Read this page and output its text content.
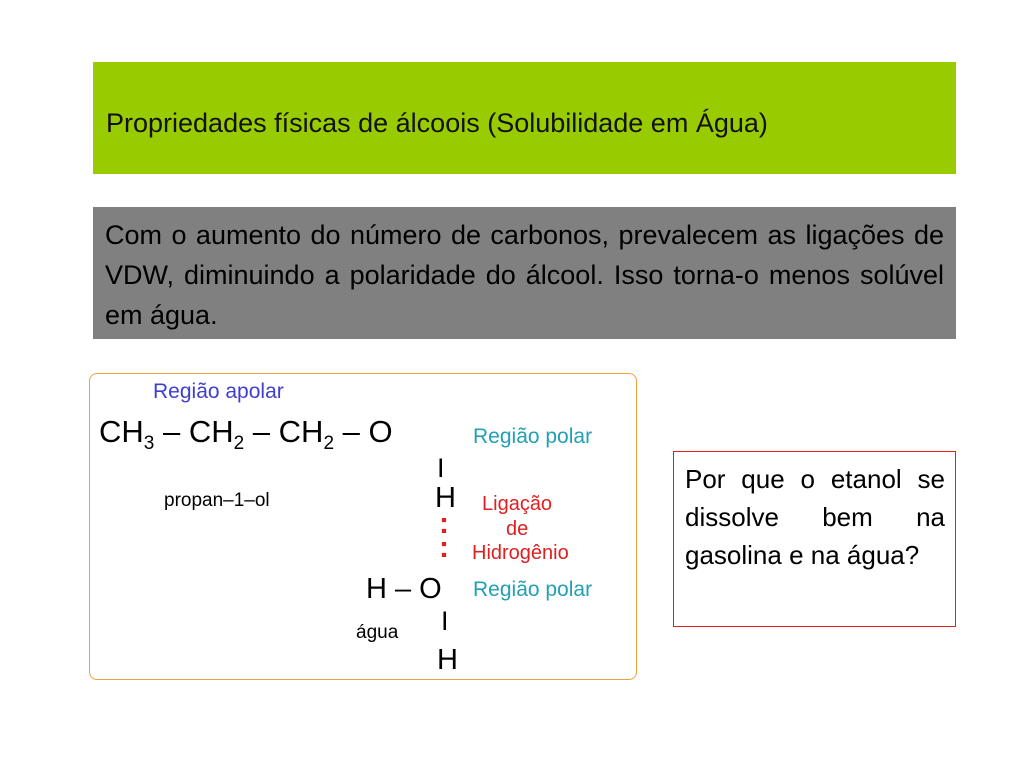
Propriedades físicas de álcoois (Solubilidade em Água)

Com o aumento do número de carbonos, prevalecem as ligações de VDW, diminuindo a polaridade do álcool. Isso torna-o menos solúvel em água.

Região apolar
$CH_3 - CH_2 - CH_2$ – O	Região polar
I
H
propan–1–ol	Ligação
de
Hidrogênio
:
:
H – O Região polar
I
água
H

Por que o etanol se dissolve bem na gasolina e na água?
